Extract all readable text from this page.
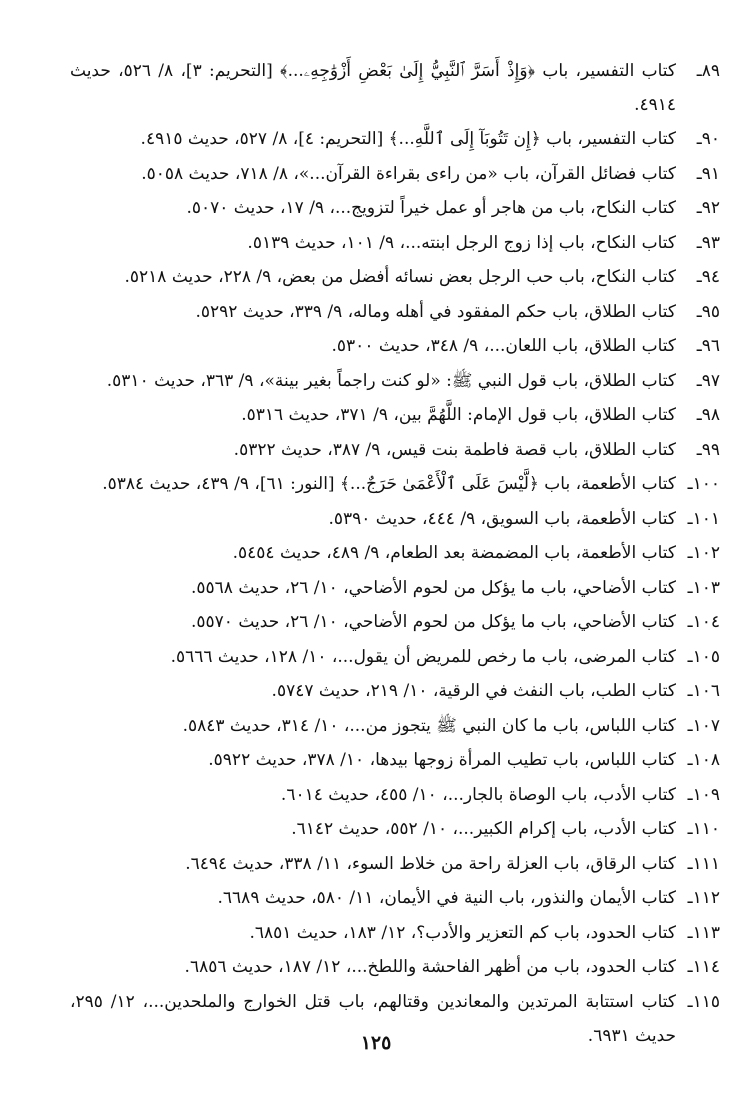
٨٩ـ
كتاب التفسير، باب ﴿وَإِذْ أَسَرَّ ٱلنَّبِيُّ إِلَىٰ بَعْضِ أَزْوَٰجِهِۦ...﴾ [التحريم: ٣]، ٨/ ٥٢٦، حديث ٤٩١٤.
٩٠ـ
كتاب التفسير، باب ﴿إِن تَتُوبَآ إِلَى ٱللَّهِ...﴾ [التحريم: ٤]، ٨/ ٥٢٧، حديث ٤٩١٥.
٩١ـ
كتاب فضائل القرآن، باب «من راءى بقراءة القرآن...»، ٨/ ٧١٨، حديث ٥٠٥٨.
٩٢ـ
كتاب النكاح، باب من هاجر أو عمل خيراً لتزويج...، ٩/ ١٧، حديث ٥٠٧٠.
٩٣ـ
كتاب النكاح، باب إذا زوج الرجل ابنته...، ٩/ ١٠١، حديث ٥١٣٩.
٩٤ـ
كتاب النكاح، باب حب الرجل بعض نسائه أفضل من بعض، ٩/ ٢٢٨، حديث ٥٢١٨.
٩٥ـ
كتاب الطلاق، باب حكم المفقود في أهله وماله، ٩/ ٣٣٩، حديث ٥٢٩٢.
٩٦ـ
كتاب الطلاق، باب اللعان...، ٩/ ٣٤٨، حديث ٥٣٠٠.
٩٧ـ
كتاب الطلاق، باب قول النبي ﷺ: «لو كنت راجماً بغير بينة»، ٩/ ٣٦٣، حديث ٥٣١٠.
٩٨ـ
كتاب الطلاق، باب قول الإمام: اللَّهُمَّ بين، ٩/ ٣٧١، حديث ٥٣١٦.
٩٩ـ
كتاب الطلاق، باب قصة فاطمة بنت قيس، ٩/ ٣٨٧، حديث ٥٣٢٢.
١٠٠ـ
كتاب الأطعمة، باب ﴿لَّيْسَ عَلَى ٱلْأَعْمَىٰ حَرَجٌ...﴾ [النور: ٦١]، ٩/ ٤٣٩، حديث ٥٣٨٤.
١٠١ـ
كتاب الأطعمة، باب السويق، ٩/ ٤٤٤، حديث ٥٣٩٠.
١٠٢ـ
كتاب الأطعمة، باب المضمضة بعد الطعام، ٩/ ٤٨٩، حديث ٥٤٥٤.
١٠٣ـ
كتاب الأضاحي، باب ما يؤكل من لحوم الأضاحي، ١٠/ ٢٦، حديث ٥٥٦٨.
١٠٤ـ
كتاب الأضاحي، باب ما يؤكل من لحوم الأضاحي، ١٠/ ٢٦، حديث ٥٥٧٠.
١٠٥ـ
كتاب المرضى، باب ما رخص للمريض أن يقول...، ١٠/ ١٢٨، حديث ٥٦٦٦.
١٠٦ـ
كتاب الطب، باب النفث في الرقية، ١٠/ ٢١٩، حديث ٥٧٤٧.
١٠٧ـ
كتاب اللباس، باب ما كان النبي ﷺ يتجوز من...، ١٠/ ٣١٤، حديث ٥٨٤٣.
١٠٨ـ
كتاب اللباس، باب تطيب المرأة زوجها بيدها، ١٠/ ٣٧٨، حديث ٥٩٢٢.
١٠٩ـ
كتاب الأدب، باب الوصاة بالجار...، ١٠/ ٤٥٥، حديث ٦٠١٤.
١١٠ـ
كتاب الأدب، باب إكرام الكبير...، ١٠/ ٥٥٢، حديث ٦١٤٢.
١١١ـ
كتاب الرقاق، باب العزلة راحة من خلاط السوء، ١١/ ٣٣٨، حديث ٦٤٩٤.
١١٢ـ
كتاب الأيمان والنذور، باب النية في الأيمان، ١١/ ٥٨٠، حديث ٦٦٨٩.
١١٣ـ
كتاب الحدود، باب كم التعزير والأدب؟، ١٢/ ١٨٣، حديث ٦٨٥١.
١١٤ـ
كتاب الحدود، باب من أظهر الفاحشة واللطخ...، ١٢/ ١٨٧، حديث ٦٨٥٦.
١١٥ـ
كتاب استتابة المرتدين والمعاندين وقتالهم، باب قتل الخوارج والملحدين...، ١٢/ ٢٩٥، حديث ٦٩٣١.
١٢٥
